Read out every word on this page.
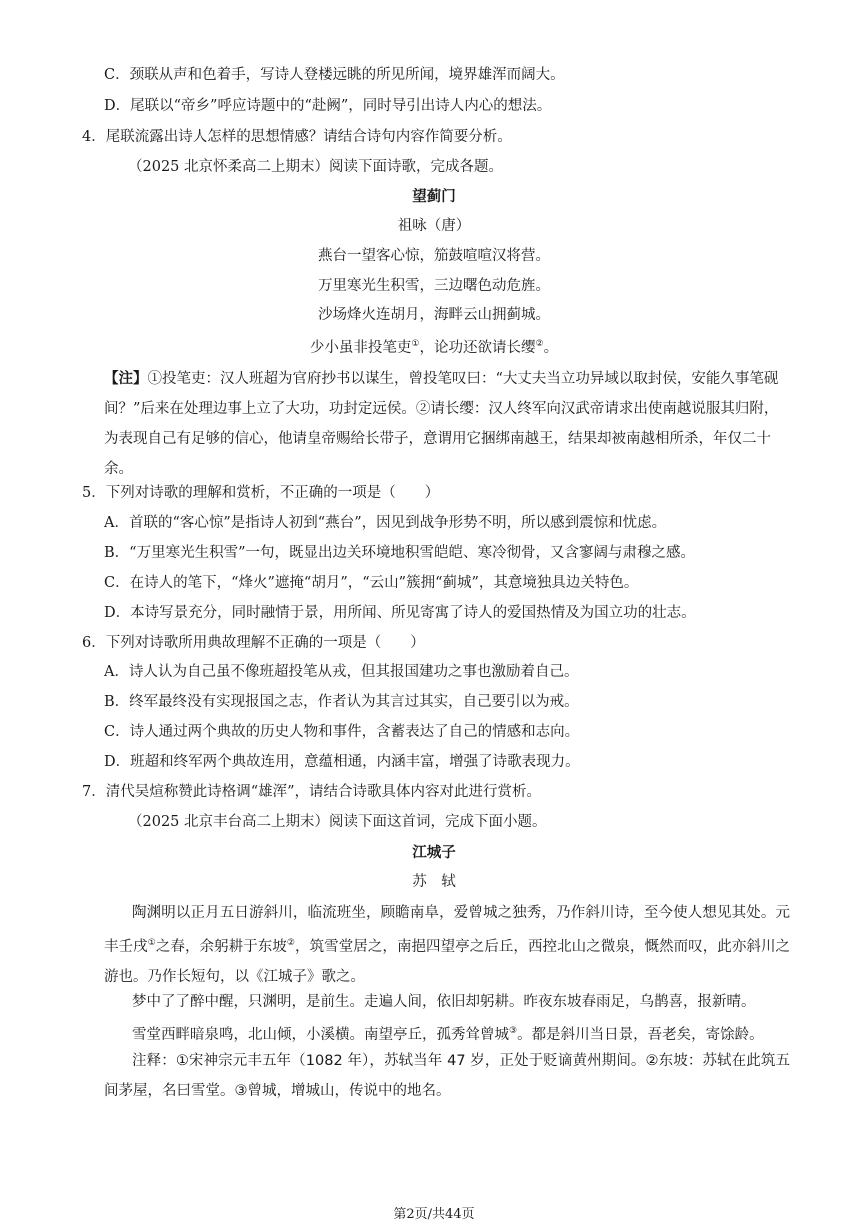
C．颈联从声和色着手，写诗人登楼远眺的所见所闻，境界雄浑而阔大。
D．尾联以“帝乡”呼应诗题中的“赴阙”，同时导引出诗人内心的想法。
4．尾联流露出诗人怎样的思想情感？请结合诗句内容作简要分析。
（2025 北京怀柔高二上期末）阅读下面诗歌，完成各题。
望蓟门
祖咏（唐）
燕台一望客心惊，笳鼓喧喧汉将营。
万里寒光生积雪，三边曙色动危旌。
沙场烽火连胡月，海畔云山拥蓟城。
少小虽非投笔吏①，论功还欲请长缨②。
【注】①投笔吏：汉人班超为官府抄书以谋生，曾投笔叹曰：“大丈夫当立功异域以取封侯，安能久事笔砚间？”后来在处理边事上立了大功，功封定远侯。②请长缨：汉人终军向汉武帝请求出使南越说服其归附，为表现自己有足够的信心，他请皇帝赐给长带子，意谓用它捆绑南越王，结果却被南越相所杀，年仅二十余。
5．下列对诗歌的理解和赏析，不正确的一项是（　　）
A．首联的“客心惊”是指诗人初到“燕台”，因见到战争形势不明，所以感到震惊和忧虑。
B．“万里寒光生积雪”一句，既显出边关环境地积雪皑皑、寒冷彻骨，又含寥阔与肃穆之感。
C．在诗人的笔下，“烽火”遮掩“胡月”，“云山”簇拥“蓟城”，其意境独具边关特色。
D．本诗写景充分，同时融情于景，用所闻、所见寄寓了诗人的爱国热情及为国立功的壮志。
6．下列对诗歌所用典故理解不正确的一项是（　　）
A．诗人认为自己虽不像班超投笔从戎，但其报国建功之事也激励着自己。
B．终军最终没有实现报国之志，作者认为其言过其实，自己要引以为戒。
C．诗人通过两个典故的历史人物和事件，含蓄表达了自己的情感和志向。
D．班超和终军两个典故连用，意蕴相通，内涵丰富，增强了诗歌表现力。
7．清代吴煊称赞此诗格调“雄浑”，请结合诗歌具体内容对此进行赏析。
（2025 北京丰台高二上期末）阅读下面这首词，完成下面小题。
江城子
苏　轼
陶渊明以正月五日游斜川，临流班坐，顾瞻南阜，爱曾城之独秀，乃作斜川诗，至今使人想见其处。元丰壬戌①之春，余躬耕于东坡②，筑雪堂居之，南挹四望亭之后丘，西控北山之微泉，慨然而叹，此亦斜川之游也。乃作长短句，以《江城子》歌之。
梦中了了醉中醒，只渊明，是前生。走遍人间，依旧却躬耕。昨夜东坡春雨足，乌鹊喜，报新晴。
雪堂西畔暗泉鸣，北山倾，小溪横。南望亭丘，孤秀耸曾城③。都是斜川当日景，吾老矣，寄馀龄。
注释：①宋神宗元丰五年（1082 年），苏轼当年 47 岁，正处于贬谪黄州期间。②东坡：苏轼在此筑五间茅屋，名曰雪堂。③曾城，增城山，传说中的地名。
第2页/共44页
